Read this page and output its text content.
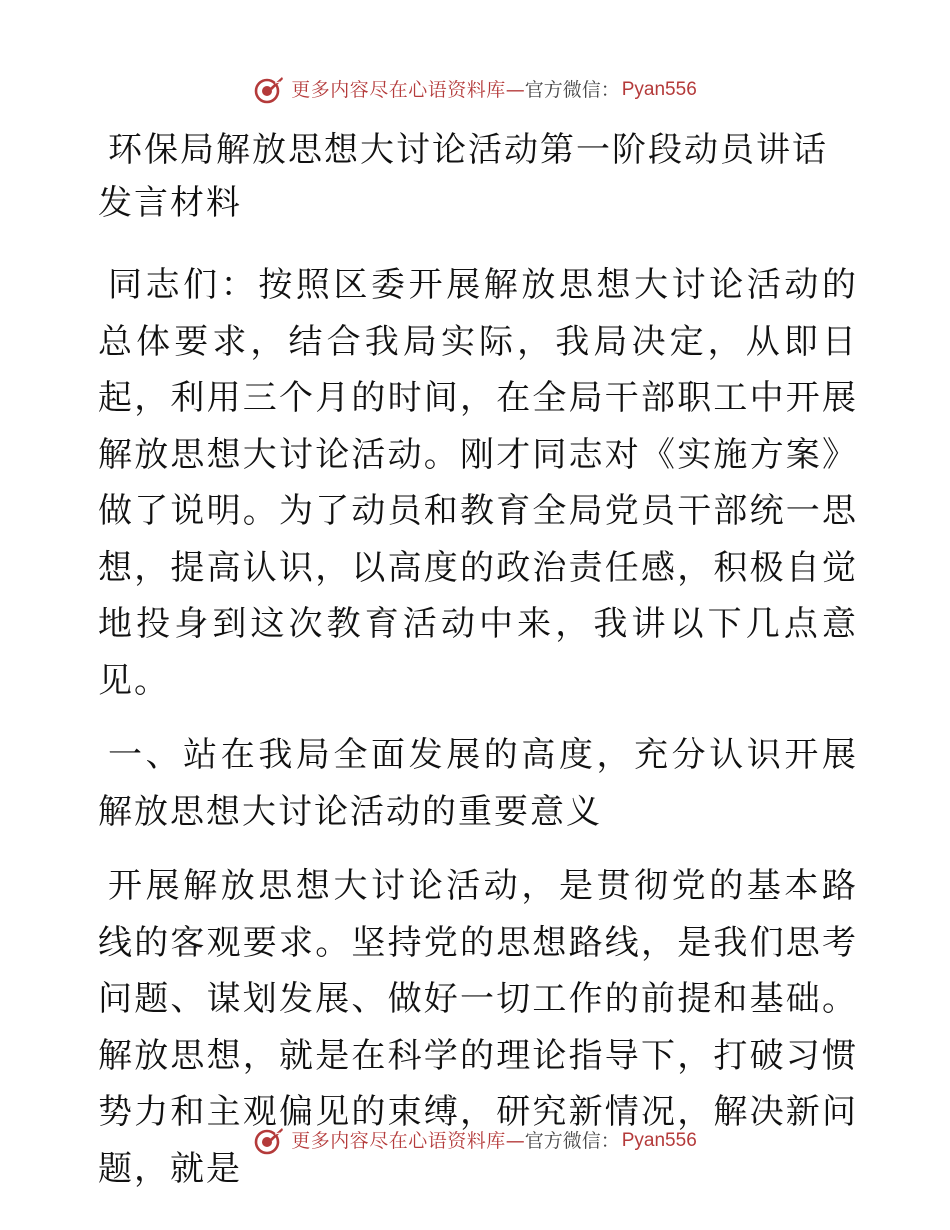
更多内容尽在心语资料库 — 官方微信： Pyan556
环保局解放思想大讨论活动第一阶段动员讲话发言材料

同志们：按照区委开展解放思想大讨论活动的总体要求，结合我局实际，我局决定，从即日起，利用三个月的时间，在全局干部职工中开展解放思想大讨论活动。刚才同志对《实施方案》做了说明。为了动员和教育全局党员干部统一思想，提高认识，以高度的政治责任感，积极自觉地投身到这次教育活动中来，我讲以下几点意见。

一、站在我局全面发展的高度，充分认识开展解放思想大讨论活动的重要意义

开展解放思想大讨论活动，是贯彻党的基本路线的客观要求。坚持党的思想路线，是我们思考问题、谋划发展、做好一切工作的前提和基础。解放思想，就是在科学的理论指导下，打破习惯势力和主观偏见的束缚，研究新情况，解决新问题，就是

更多内容尽在心语资料库 — 官方微信： Pyan556
